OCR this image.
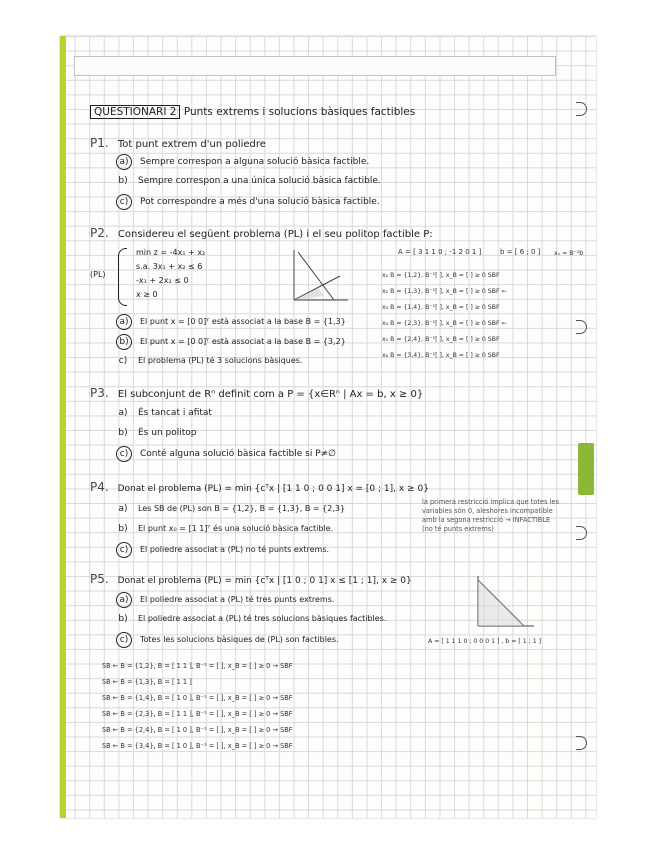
QUESTIONARI 2 Punts extrems i solucions bàsiques factibles
P1. Tot punt extrem d'un poliedre
a) Sempre correspon a alguna solució bàsica factible.
b) Sempre correspon a una única solució bàsica factible.
c) Pot correspondre a més d'una solució bàsica factible.
P2. Considereu el següent problema (PL) i el seu politop factible P:
(PL)
min z = -4x₁ + x₂
s.a. 3x₁ + x₂ ≤ 6
-x₁ + 2x₂ ≤ 0
x ≥ 0
A = [ 3 1 1 0 ; -1 2 0 1 ]	b = [ 6 ; 0 ] xₙ = B⁻¹b
x₁ B = {1,2}, B⁻¹[ ], x_B = [ ] ≥ 0 SBF
x₂ B = {1,3}, B⁻¹[ ], x_B = [ ] ≥ 0 SBF ←
x₃ B = {1,4}, B⁻¹[ ], x_B = [ ] ≥ 0 SBF
x₄ B = {2,3}, B⁻¹[ ], x_B = [ ] ≥ 0 SBF ←
x₅ B = {2,4}, B⁻¹[ ], x_B = [ ] ≥ 0 SBF
x₆ B = {3,4}, B⁻¹[ ], x_B = [ ] ≥ 0 SBF
a) El punt x = [0 0]ᵀ està associat a la base B = {1,3}
b) El punt x = [0 0]ᵀ està associat a la base B = {3,2}
c) El problema (PL) té 3 solucions bàsiques.
P3. El subconjunt de Rⁿ definit com a P = {x∈Rⁿ | Ax = b, x ≥ 0}
a) És tancat i afitat
b) És un politop
c) Conté alguna solució bàsica factible si P≠∅
P4. Donat el problema (PL) = min {cᵀx | [1 1 0 ; 0 0 1] x = [0 ; 1], x ≥ 0}
a) Les SB de (PL) son B = {1,2}, B = {1,3}, B = {2,3}
b) El punt x₀ = [1 1]ᵀ és una solució bàsica factible.
c) El poliedre associat a (PL) no té punts extrems.
la primera restricció implica que totes les variables són 0, aleshores incompatible amb la segona restricció → INFACTIBLE (no té punts extrems)
P5. Donat el problema (PL) = min {cᵀx | [1 0 ; 0 1] x ≤ [1 ; 1], x ≥ 0}
a) El poliedre associat a (PL) té tres punts extrems.
b) El poliedre associat a (PL) té tres solucions bàsiques factibles.
c) Totes les solucions bàsiques de (PL) son factibles.	A = [ 1 1 1 0 ; 0 0 0 1 ] , b = [ 1 ; 1 ]
SB ← B = {1,2}, B = [ 1 1 ], B⁻¹ = [ ], x_B = [ ] ≥ 0 → SBF
SB ← B = {1,3}, B = [ 1 1 ]
SB ← B = {1,4}, B = [ 1 0 ], B⁻¹ = [ ], x_B = [ ] ≥ 0 → SBF
SB ← B = {2,3}, B = [ 1 1 ], B⁻¹ = [ ], x_B = [ ] ≥ 0 → SBF
SB ← B = {2,4}, B = [ 1 0 ], B⁻¹ = [ ], x_B = [ ] ≥ 0 → SBF
SB ← B = {3,4}, B = [ 1 0 ], B⁻¹ = [ ], x_B = [ ] ≥ 0 → SBF
